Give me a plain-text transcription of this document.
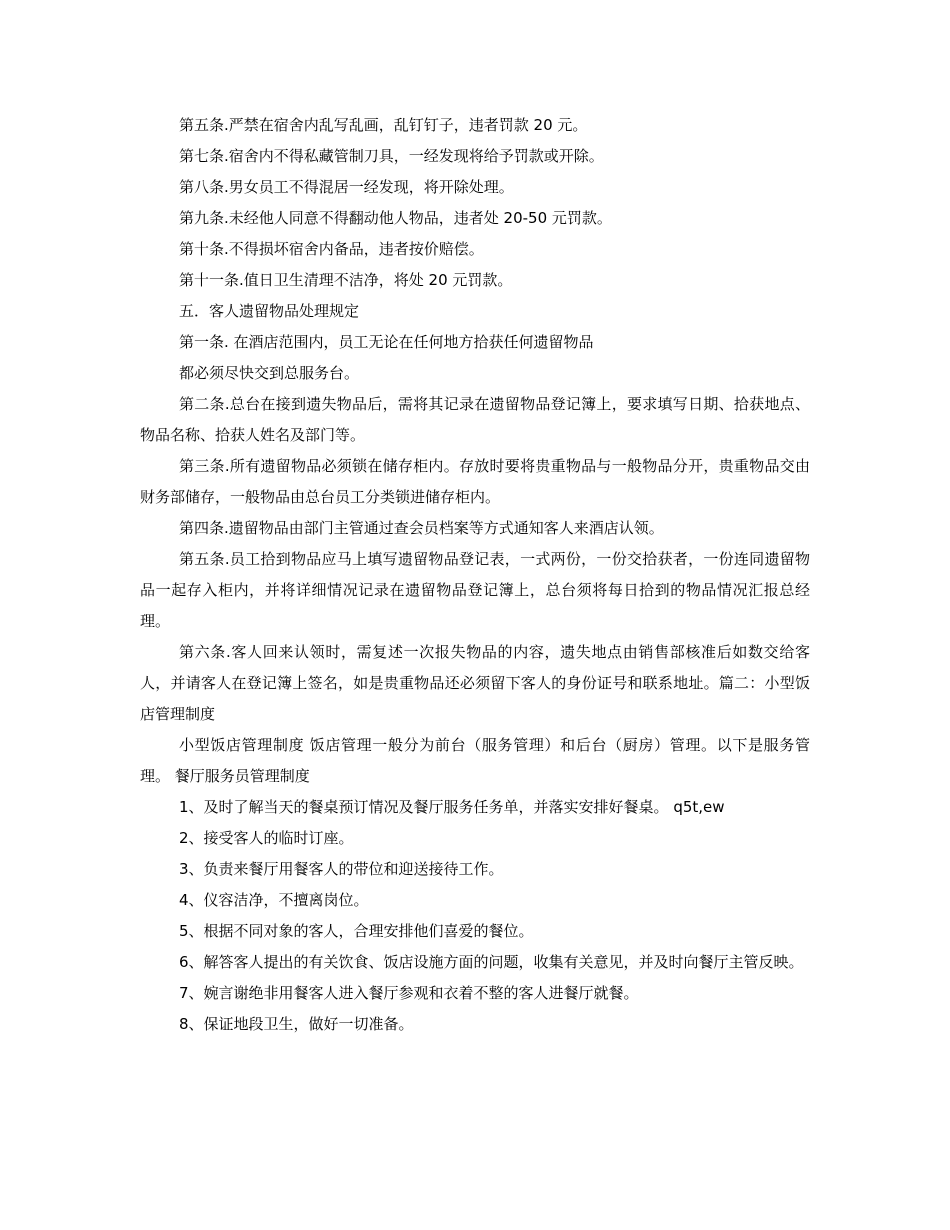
第五条.严禁在宿舍内乱写乱画，乱钉钉子，违者罚款 20 元。

第七条.宿舍内不得私藏管制刀具，一经发现将给予罚款或开除。

第八条.男女员工不得混居一经发现，将开除处理。

第九条.未经他人同意不得翻动他人物品，违者处 20-50 元罚款。

第十条.不得损坏宿舍内备品，违者按价赔偿。

第十一条.值日卫生清理不洁净，将处 20 元罚款。

五．客人遗留物品处理规定

第一条. 在酒店范围内，员工无论在任何地方拾获任何遗留物品

都必须尽快交到总服务台。

第二条.总台在接到遗失物品后，需将其记录在遗留物品登记簿上，要求填写日期、拾获地点、物品名称、拾获人姓名及部门等。

第三条.所有遗留物品必须锁在储存柜内。存放时要将贵重物品与一般物品分开，贵重物品交由财务部储存，一般物品由总台员工分类锁进储存柜内。

第四条.遗留物品由部门主管通过查会员档案等方式通知客人来酒店认领。

第五条.员工拾到物品应马上填写遗留物品登记表，一式两份，一份交拾获者，一份连同遗留物品一起存入柜内，并将详细情况记录在遗留物品登记簿上，总台须将每日拾到的物品情况汇报总经理。

第六条.客人回来认领时，需复述一次报失物品的内容，遗失地点由销售部核准后如数交给客人，并请客人在登记簿上签名，如是贵重物品还必须留下客人的身份证号和联系地址。篇二：小型饭店管理制度

小型饭店管理制度 饭店管理一般分为前台（服务管理）和后台（厨房）管理。以下是服务管理。 餐厅服务员管理制度

1、及时了解当天的餐桌预订情况及餐厅服务任务单，并落实安排好餐桌。 q5t,ew

2、接受客人的临时订座。

3、负责来餐厅用餐客人的带位和迎送接待工作。

4、仪容洁净，不擅离岗位。

5、根据不同对象的客人，合理安排他们喜爱的餐位。

6、解答客人提出的有关饮食、饭店设施方面的问题，收集有关意见，并及时向餐厅主管反映。

7、婉言谢绝非用餐客人进入餐厅参观和衣着不整的客人进餐厅就餐。

8、保证地段卫生，做好一切准备。
